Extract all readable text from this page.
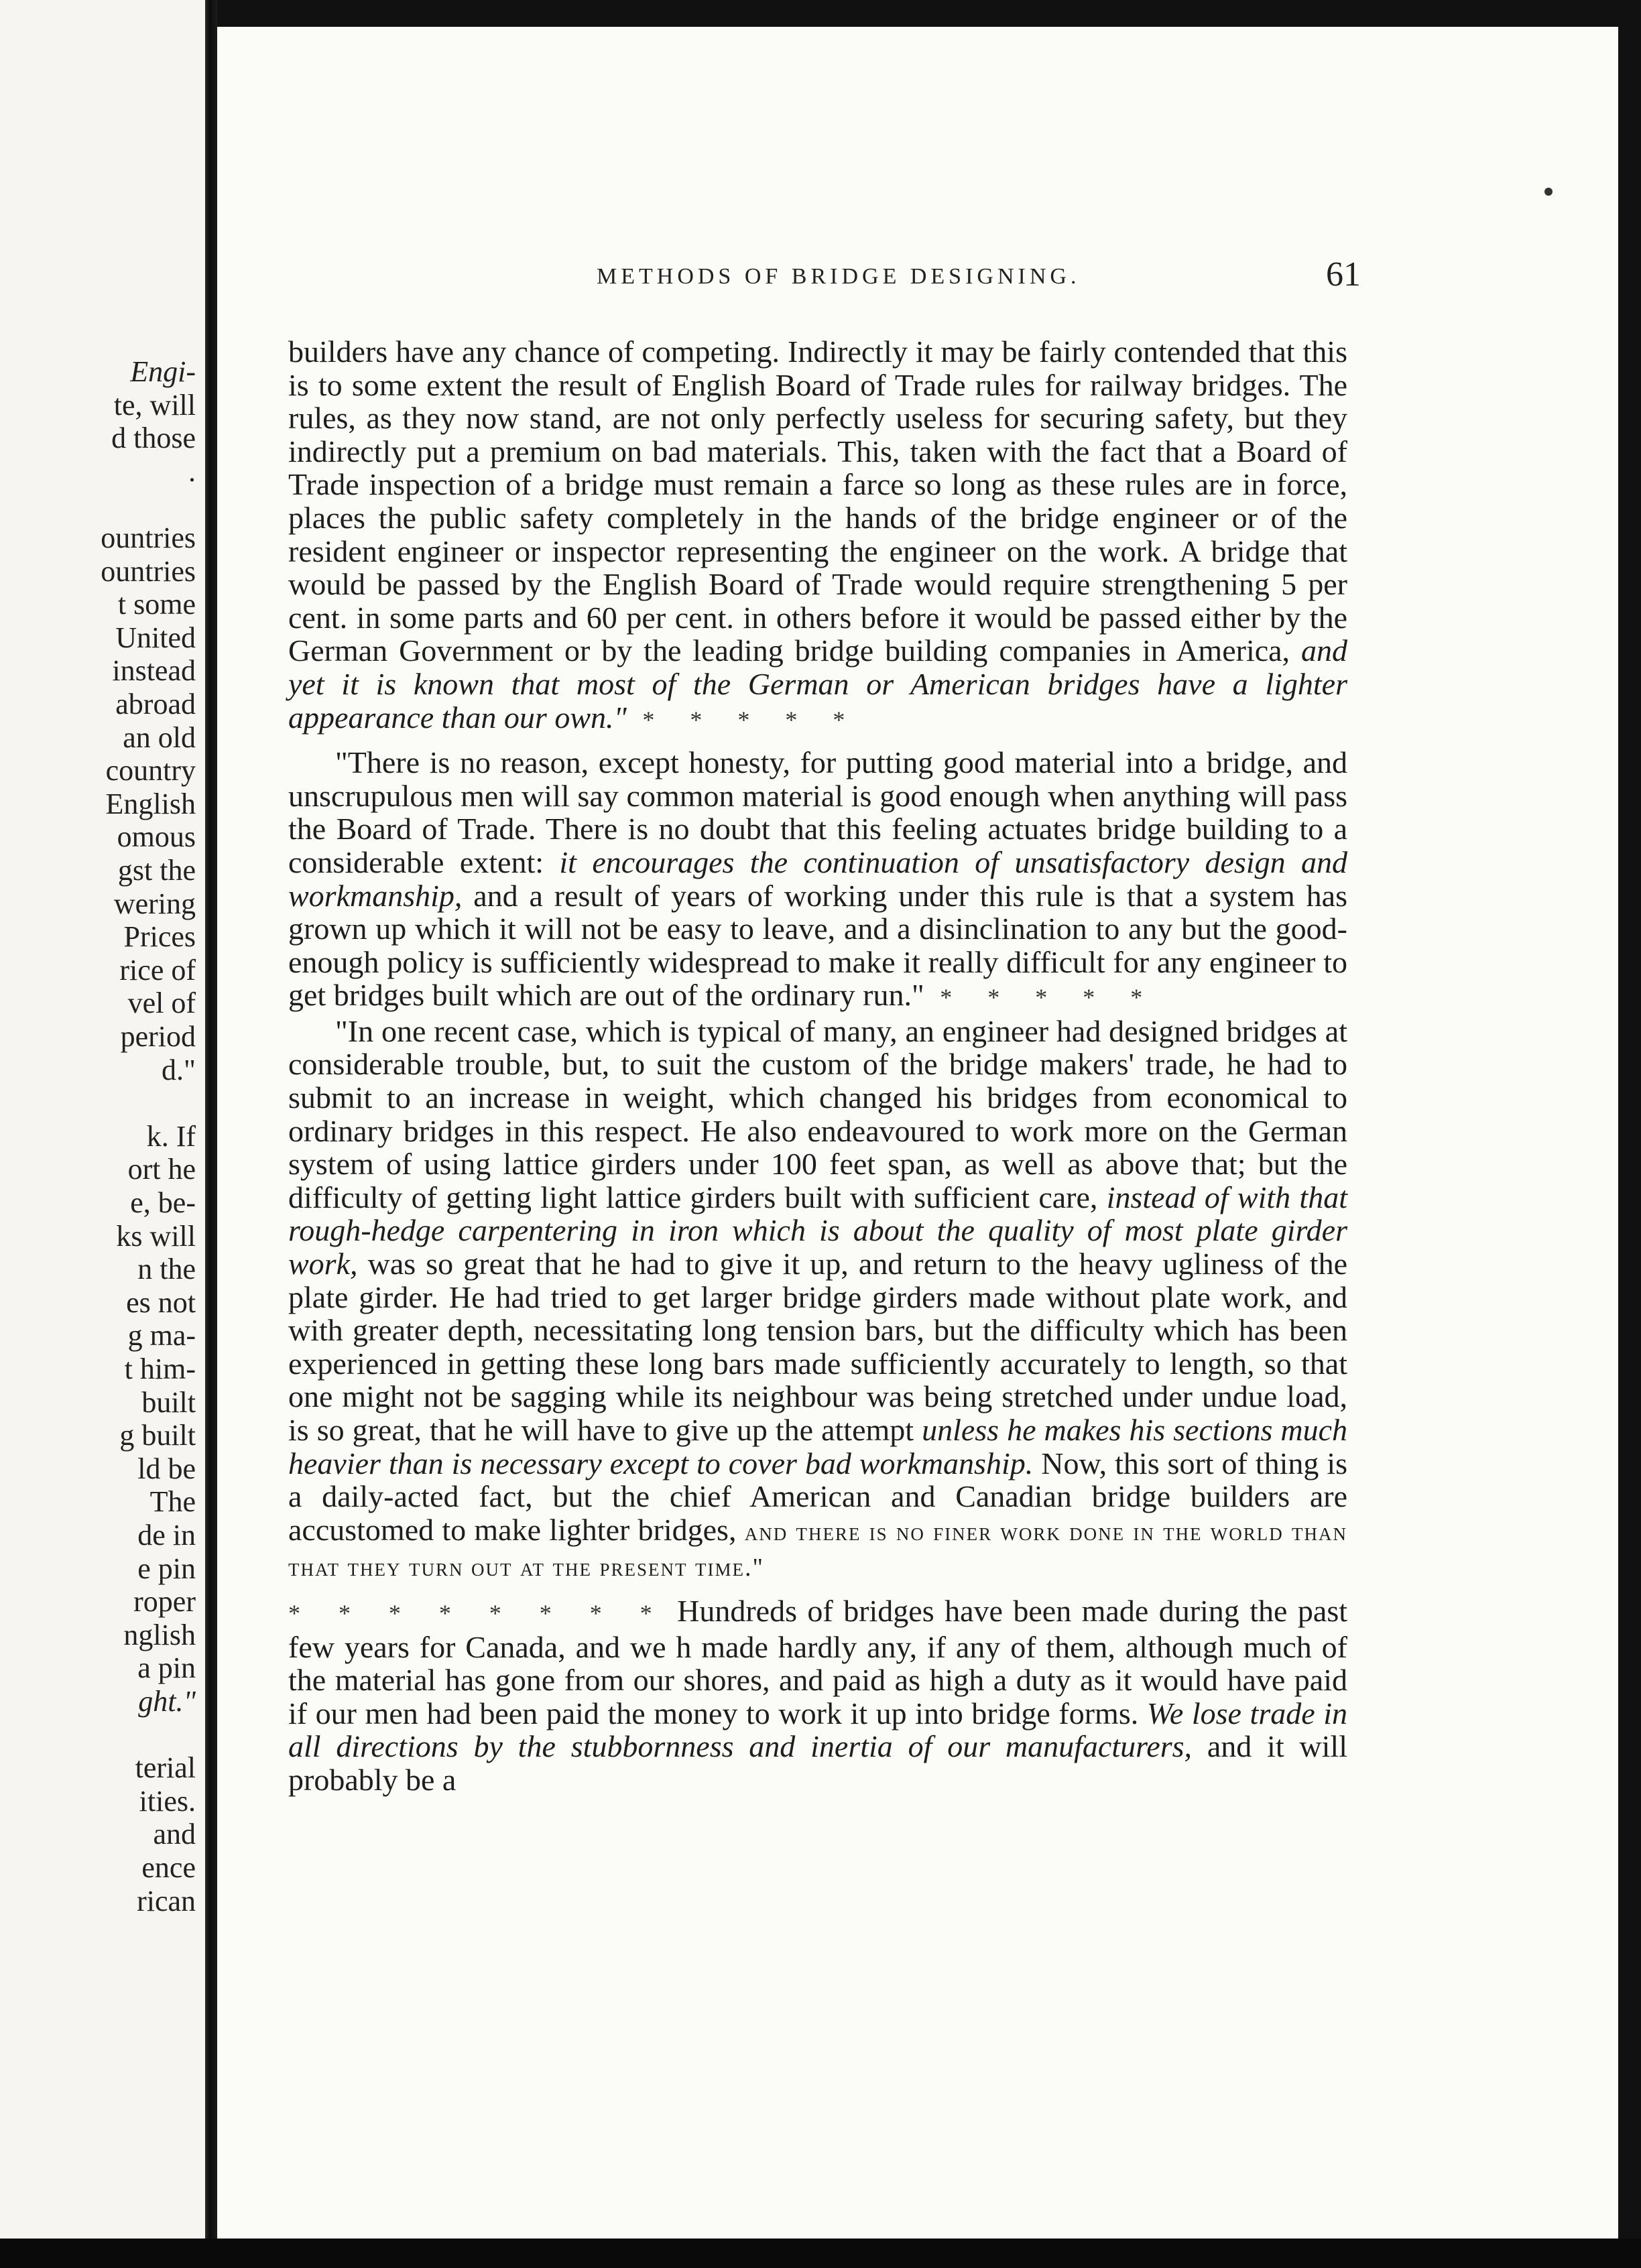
Engi-
te, will
d those
.
ountries
ountries
t some
United
instead
abroad
an old
country
English
omous
gst the
wering
Prices
rice of
vel of
period
d."
k. If
ort he
e, be-
ks will
n the
es not
g ma-
t him-
built
g built
ld be
The
de in
e pin
roper
nglish
a pin
ght."
terial
ities.
and
ence
rican
METHODS OF BRIDGE DESIGNING.	61

builders have any chance of competing. Indirectly it may be fairly contended that this is to some extent the result of English Board of Trade rules for railway bridges. The rules, as they now stand, are not only perfectly useless for securing safety, but they indirectly put a premium on bad materials. This, taken with the fact that a Board of Trade inspection of a bridge must remain a farce so long as these rules are in force, places the public safety completely in the hands of the bridge engineer or of the resident engineer or inspector representing the engineer on the work. A bridge that would be passed by the English Board of Trade would require strengthening 5 per cent. in some parts and 60 per cent. in others before it would be passed either by the German Government or by the leading bridge building companies in America, and yet it is known that most of the German or American bridges have a lighter appearance than our own." * * * * *

"There is no reason, except honesty, for putting good material into a bridge, and unscrupulous men will say common material is good enough when anything will pass the Board of Trade. There is no doubt that this feeling actuates bridge building to a considerable extent: it encourages the continuation of unsatisfactory design and workmanship, and a result of years of working under this rule is that a system has grown up which it will not be easy to leave, and a disinclination to any but the good-enough policy is sufficiently widespread to make it really difficult for any engineer to get bridges built which are out of the ordinary run." * * * * *

"In one recent case, which is typical of many, an engineer had designed bridges at considerable trouble, but, to suit the custom of the bridge makers' trade, he had to submit to an increase in weight, which changed his bridges from economical to ordinary bridges in this respect. He also endeavoured to work more on the German system of using lattice girders under 100 feet span, as well as above that; but the difficulty of getting light lattice girders built with sufficient care, instead of with that rough-hedge carpentering in iron which is about the quality of most plate girder work, was so great that he had to give it up, and return to the heavy ugliness of the plate girder. He had tried to get larger bridge girders made without plate work, and with greater depth, necessitating long tension bars, but the difficulty which has been experienced in getting these long bars made sufficiently accurately to length, so that one might not be sagging while its neighbour was being stretched under undue load, is so great, that he will have to give up the attempt unless he makes his sections much heavier than is necessary except to cover bad workmanship. Now, this sort of thing is a daily-acted fact, but the chief American and Canadian bridge builders are accustomed to make lighter bridges, and there is no finer work done in the world than that they turn out at the present time."

* * * * * * * * Hundreds of bridges have been made during the past few years for Canada, and we h made hardly any, if any of them, although much of the material has gone from our shores, and paid as high a duty as it would have paid if our men had been paid the money to work it up into bridge forms. We lose trade in all directions by the stubbornness and inertia of our manufacturers, and it will probably be a
